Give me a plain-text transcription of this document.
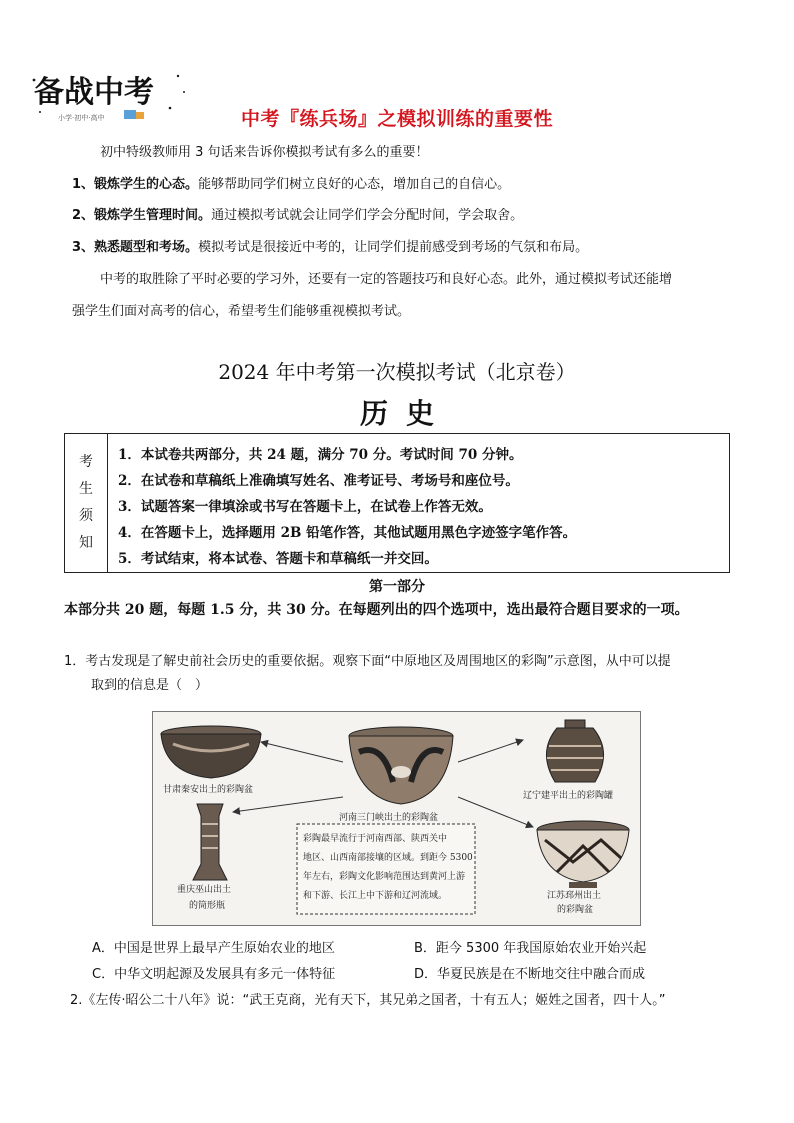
备战中考
小学·初中·高中	中考『练兵场』之模拟训练的重要性
初中特级教师用 3 句话来告诉你模拟考试有多么的重要！
1、锻炼学生的心态。能够帮助同学们树立良好的心态，增加自己的自信心。
2、锻炼学生管理时间。通过模拟考试就会让同学们学会分配时间，学会取舍。
3、熟悉题型和考场。模拟考试是很接近中考的，让同学们提前感受到考场的气氛和布局。
中考的取胜除了平时必要的学习外，还要有一定的答题技巧和良好心态。此外，通过模拟考试还能增
强学生们面对高考的信心，希望考生们能够重视模拟考试。
2024 年中考第一次模拟考试（北京卷）
历史
考
生
须
知
1．本试卷共两部分，共 24 题，满分 70 分。考试时间 70 分钟。
2．在试卷和草稿纸上准确填写姓名、准考证号、考场号和座位号。
3．试题答案一律填涂或书写在答题卡上，在试卷上作答无效。
4．在答题卡上，选择题用 2B 铅笔作答，其他试题用黑色字迹签字笔作答。
5．考试结束，将本试卷、答题卡和草稿纸一并交回。
第一部分
本部分共 20 题，每题 1.5 分，共 30 分。在每题列出的四个选项中，选出最符合题目要求的一项。
1．考古发现是了解史前社会历史的重要依据。观察下面“中原地区及周围地区的彩陶”示意图，从中可以提
取到的信息是（　）
甘肃秦安出土的彩陶盆
河南三门峡出土的彩陶盆
辽宁建平出土的彩陶罐
重庆巫山出土
的筒形瓶
江苏邳州出土
的彩陶盆
彩陶最早流行于河南西部、陕西关中
地区、山西南部接壤的区域。到距今 5300
年左右，彩陶文化影响范围达到黄河上游
和下游、长江上中下游和辽河流域。
A．中国是世界上最早产生原始农业的地区	B．距今 5300 年我国原始农业开始兴起
C．中华文明起源及发展具有多元一体特征	D．华夏民族是在不断地交往中融合而成
2.《左传·昭公二十八年》说：“武王克商，光有天下，其兄弟之国者，十有五人；姬姓之国者，四十人。”
